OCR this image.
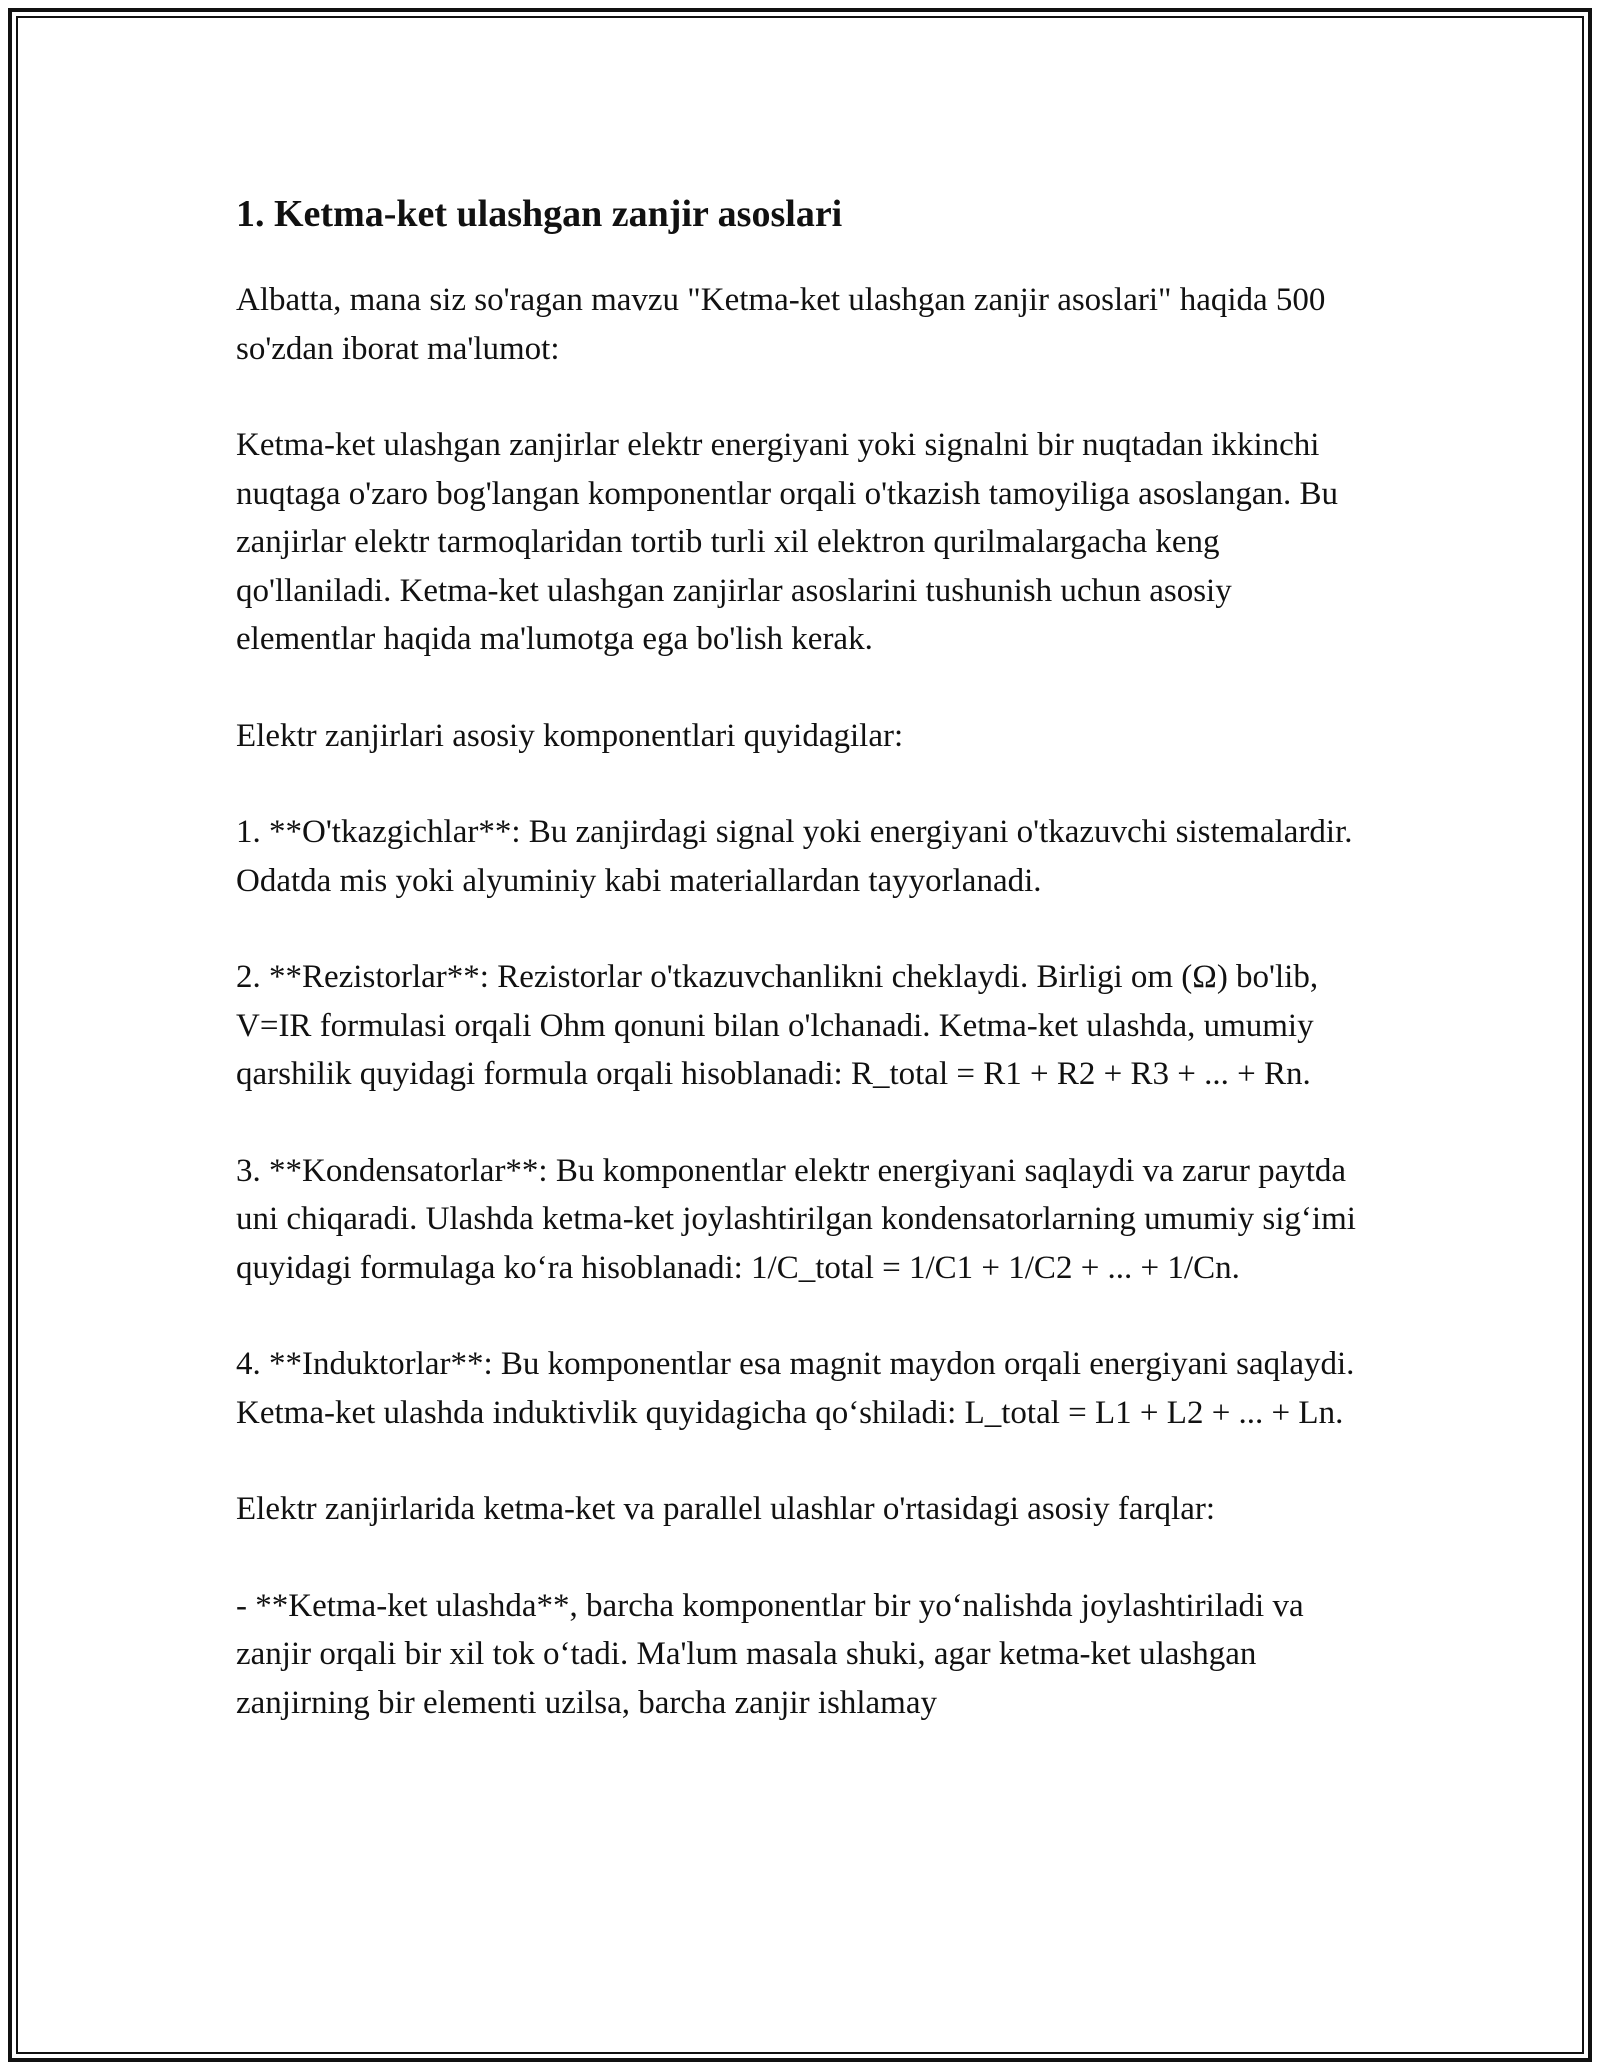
1. Ketma-ket ulashgan zanjir asoslari

Albatta, mana siz so'ragan mavzu "Ketma-ket ulashgan zanjir asoslari" haqida 500 so'zdan iborat ma'lumot:

Ketma-ket ulashgan zanjirlar elektr energiyani yoki signalni bir nuqtadan ikkinchi nuqtaga o'zaro bog'langan komponentlar orqali o'tkazish tamoyiliga asoslangan. Bu zanjirlar elektr tarmoqlaridan tortib turli xil elektron qurilmalargacha keng qo'llaniladi. Ketma-ket ulashgan zanjirlar asoslarini tushunish uchun asosiy elementlar haqida ma'lumotga ega bo'lish kerak.

Elektr zanjirlari asosiy komponentlari quyidagilar:

1. **O'tkazgichlar**: Bu zanjirdagi signal yoki energiyani o'tkazuvchi sistemalardir. Odatda mis yoki alyuminiy kabi materiallardan tayyorlanadi.

2. **Rezistorlar**: Rezistorlar o'tkazuvchanlikni cheklaydi. Birligi om (Ω) bo'lib, V=IR formulasi orqali Ohm qonuni bilan o'lchanadi. Ketma-ket ulashda, umumiy qarshilik quyidagi formula orqali hisoblanadi: R_total = R1 + R2 + R3 + ... + Rn.

3. **Kondensatorlar**: Bu komponentlar elektr energiyani saqlaydi va zarur paytda uni chiqaradi. Ulashda ketma-ket joylashtirilgan kondensatorlarning umumiy sig‘imi quyidagi formulaga ko‘ra hisoblanadi: 1/C_total = 1/C1 + 1/C2 + ... + 1/Cn.

4. **Induktorlar**: Bu komponentlar esa magnit maydon orqali energiyani saqlaydi. Ketma-ket ulashda induktivlik quyidagicha qo‘shiladi: L_total = L1 + L2 + ... + Ln.

Elektr zanjirlarida ketma-ket va parallel ulashlar o'rtasidagi asosiy farqlar:

- **Ketma-ket ulashda**, barcha komponentlar bir yo‘nalishda joylashtiriladi va zanjir orqali bir xil tok o‘tadi. Ma'lum masala shuki, agar ketma-ket ulashgan zanjirning bir elementi uzilsa, barcha zanjir ishlamay
